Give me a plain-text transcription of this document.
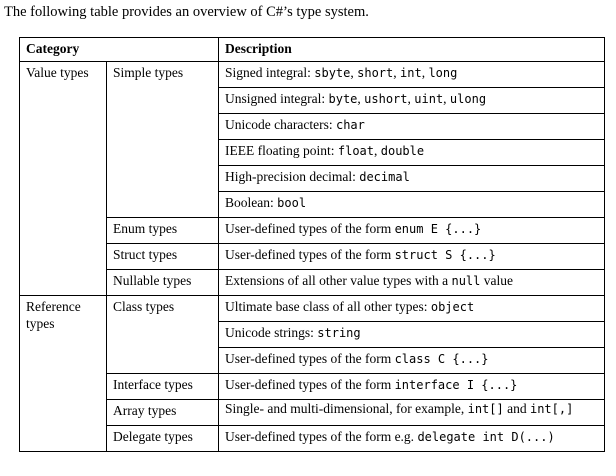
The following table provides an overview of C#’s type system.

Category		Description
Value types	Simple types	Signed integral: sbyte, short, int, long
		Unsigned integral: byte, ushort, uint, ulong
		Unicode characters: char
		IEEE floating point: float, double
		High-precision decimal: decimal
		Boolean: bool
	Enum types	User-defined types of the form enum E {...}
	Struct types	User-defined types of the form struct S {...}
	Nullable types	Extensions of all other value types with a null value
Reference types	Class types	Ultimate base class of all other types: object
		Unicode strings: string
		User-defined types of the form class C {...}
	Interface types	User-defined types of the form interface I {...}
	Array types	Single- and multi-dimensional, for example, int[] and int[,]
	Delegate types	User-defined types of the form e.g. delegate int D(...)
